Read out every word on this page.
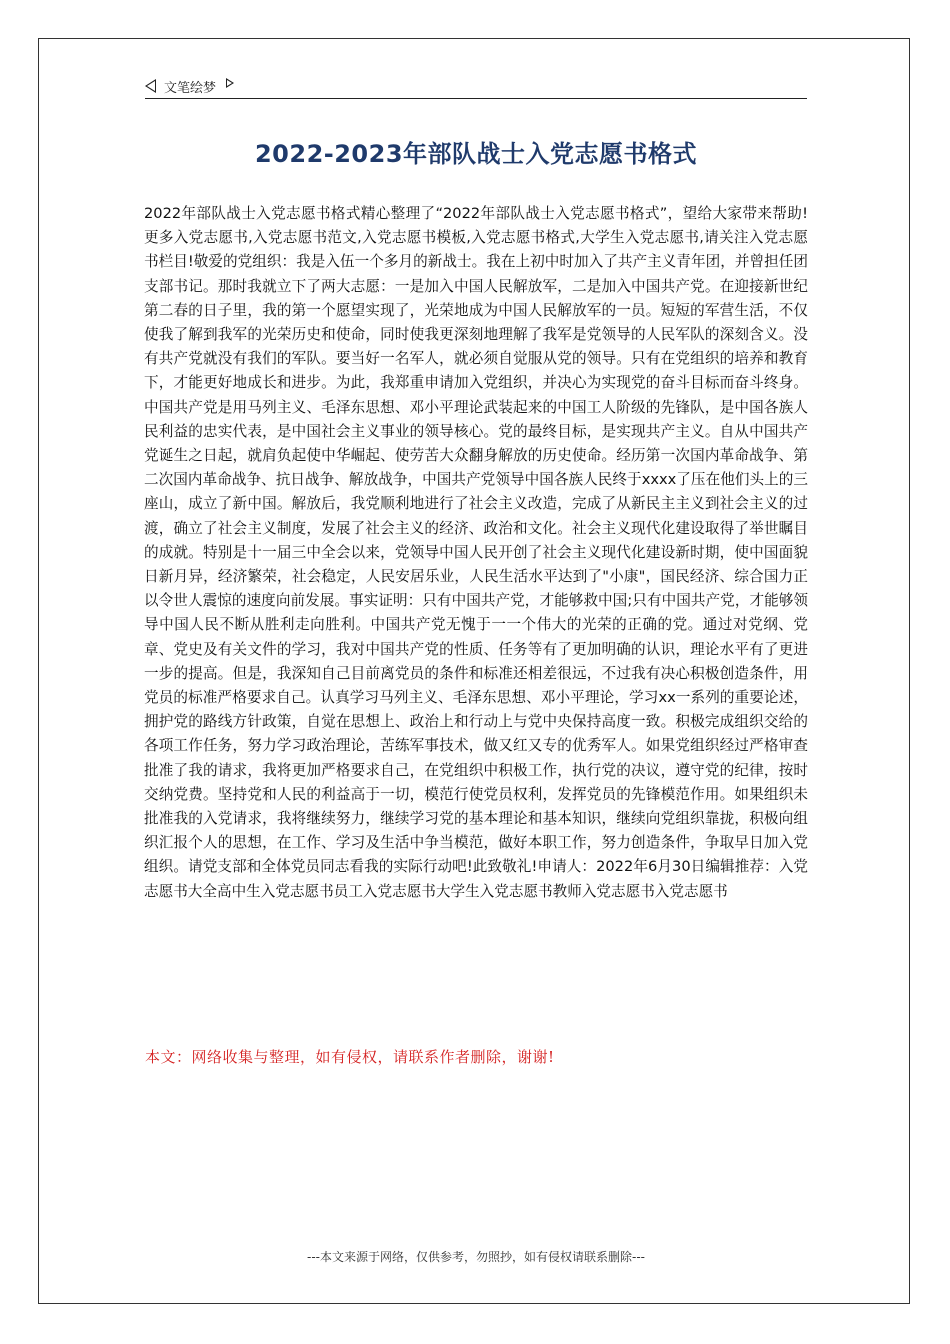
文笔绘梦
2022-2023年部队战士入党志愿书格式

2022年部队战士入党志愿书格式精心整理了“2022年部队战士入党志愿书格式”，望给大家带来帮助!更多入党志愿书,入党志愿书范文,入党志愿书模板,入党志愿书格式,大学生入党志愿书,请关注入党志愿书栏目!敬爱的党组织：我是入伍一个多月的新战士。我在上初中时加入了共产主义青年团，并曾担任团支部书记。那时我就立下了两大志愿：一是加入中国人民解放军，二是加入中国共产党。在迎接新世纪第二春的日子里，我的第一个愿望实现了，光荣地成为中国人民解放军的一员。短短的军营生活，不仅使我了解到我军的光荣历史和使命，同时使我更深刻地理解了我军是党领导的人民军队的深刻含义。没有共产党就没有我们的军队。要当好一名军人，就必须自觉服从党的领导。只有在党组织的培养和教育下，才能更好地成长和进步。为此，我郑重申请加入党组织，并决心为实现党的奋斗目标而奋斗终身。中国共产党是用马列主义、毛泽东思想、邓小平理论武装起来的中国工人阶级的先锋队，是中国各族人民利益的忠实代表，是中国社会主义事业的领导核心。党的最终目标，是实现共产主义。自从中国共产党诞生之日起，就肩负起使中华崛起、使劳苦大众翻身解放的历史使命。经历第一次国内革命战争、第二次国内革命战争、抗日战争、解放战争，中国共产党领导中国各族人民终于xxxx了压在他们头上的三座山，成立了新中国。解放后，我党顺利地进行了社会主义改造，完成了从新民主主义到社会主义的过渡，确立了社会主义制度，发展了社会主义的经济、政治和文化。社会主义现代化建设取得了举世瞩目的成就。特别是十一届三中全会以来，党领导中国人民开创了社会主义现代化建设新时期，使中国面貌日新月异，经济繁荣，社会稳定，人民安居乐业，人民生活水平达到了"小康"，国民经济、综合国力正以令世人震惊的速度向前发展。事实证明：只有中国共产党，才能够救中国;只有中国共产党，才能够领导中国人民不断从胜利走向胜利。中国共产党无愧于一一个伟大的光荣的正确的党。通过对党纲、党章、党史及有关文件的学习，我对中国共产党的性质、任务等有了更加明确的认识，理论水平有了更进一步的提高。但是，我深知自己目前离党员的条件和标准还相差很远，不过我有决心积极创造条件，用党员的标准严格要求自己。认真学习马列主义、毛泽东思想、邓小平理论，学习xx一系列的重要论述，拥护党的路线方针政策，自觉在思想上、政治上和行动上与党中央保持高度一致。积极完成组织交给的各项工作任务，努力学习政治理论，苦练军事技术，做又红又专的优秀军人。如果党组织经过严格审查批准了我的请求，我将更加严格要求自己，在党组织中积极工作，执行党的决议，遵守党的纪律，按时交纳党费。坚持党和人民的利益高于一切，模范行使党员权利，发挥党员的先锋模范作用。如果组织未批准我的入党请求，我将继续努力，继续学习党的基本理论和基本知识，继续向党组织靠拢，积极向组织汇报个人的思想，在工作、学习及生活中争当模范，做好本职工作，努力创造条件，争取早日加入党组织。请党支部和全体党员同志看我的实际行动吧!此致敬礼!申请人：2022年6月30日编辑推荐：入党志愿书大全高中生入党志愿书员工入党志愿书大学生入党志愿书教师入党志愿书入党志愿书

本文：网络收集与整理，如有侵权，请联系作者删除，谢谢!
---本文来源于网络，仅供参考，勿照抄，如有侵权请联系删除---
